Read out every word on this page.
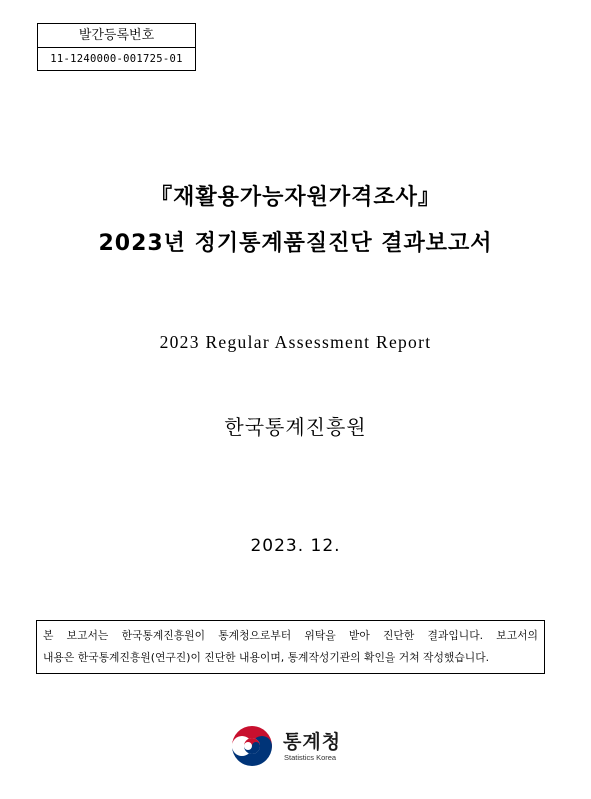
발간등록번호
11-1240000-001725-01
『재활용가능자원가격조사』
2023년 정기통계품질진단 결과보고서
2023 Regular Assessment Report
한국통계진흥원
2023. 12.
본 보고서는 한국통계진흥원이 통계청으로부터 위탁을 받아 진단한 결과입니다. 보고서의
내용은 한국통계진흥원(연구진)이 진단한 내용이며, 통계작성기관의 확인을 거쳐 작성했습니다.
통계청
Statistics Korea
